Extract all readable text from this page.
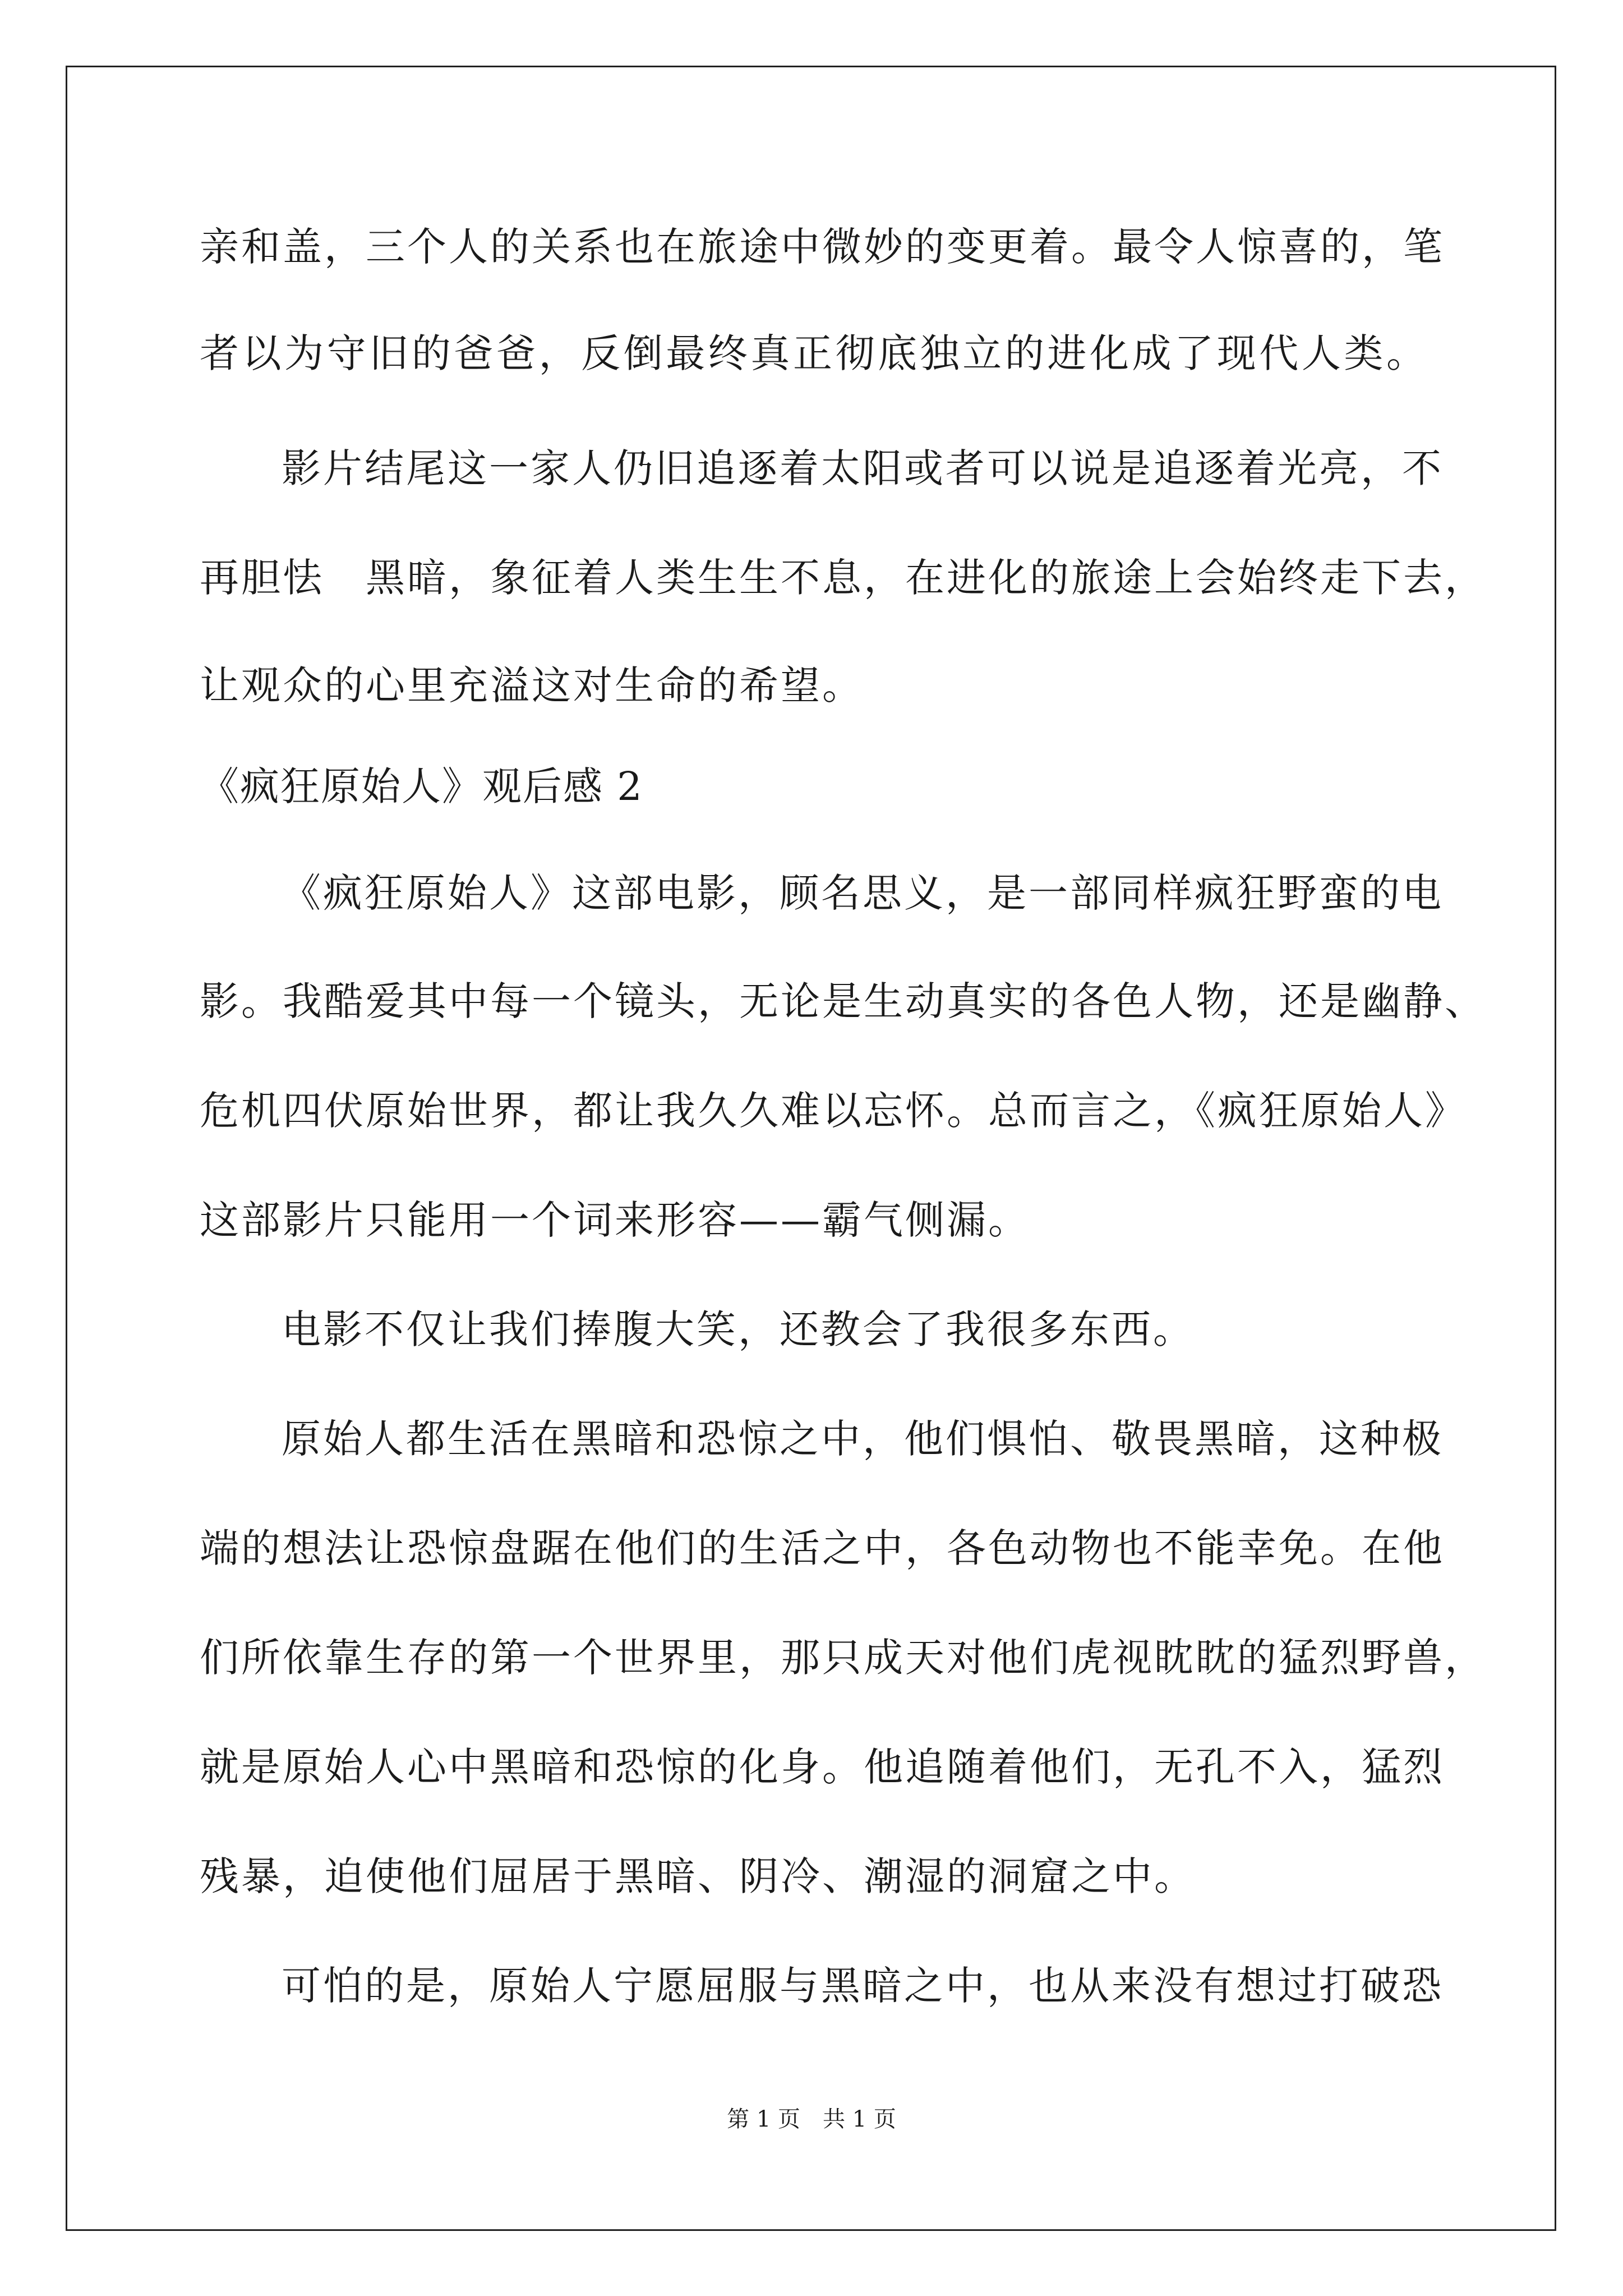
亲和盖，三个人的关系也在旅途中微妙的变更着。最令人惊喜的，笔
者以为守旧的爸爸，反倒最终真正彻底独立的进化成了现代人类。
影片结尾这一家人仍旧追逐着太阳或者可以说是追逐着光亮，不
再胆怯　黑暗，象征着人类生生不息，在进化的旅途上会始终走下去，
让观众的心里充溢这对生命的希望。
《疯狂原始人》观后感 2
《疯狂原始人》这部电影，顾名思义，是一部同样疯狂野蛮的电
影。我酷爱其中每一个镜头，无论是生动真实的各色人物，还是幽静、
危机四伏原始世界，都让我久久难以忘怀。总而言之，《疯狂原始人》
这部影片只能用一个词来形容——霸气侧漏。
电影不仅让我们捧腹大笑，还教会了我很多东西。
原始人都生活在黑暗和恐惊之中，他们惧怕、敬畏黑暗，这种极
端的想法让恐惊盘踞在他们的生活之中，各色动物也不能幸免。在他
们所依靠生存的第一个世界里，那只成天对他们虎视眈眈的猛烈野兽，
就是原始人心中黑暗和恐惊的化身。他追随着他们，无孔不入，猛烈
残暴，迫使他们屈居于黑暗、阴冷、潮湿的洞窟之中。
可怕的是，原始人宁愿屈服与黑暗之中，也从来没有想过打破恐
第 1 页　共 1 页
